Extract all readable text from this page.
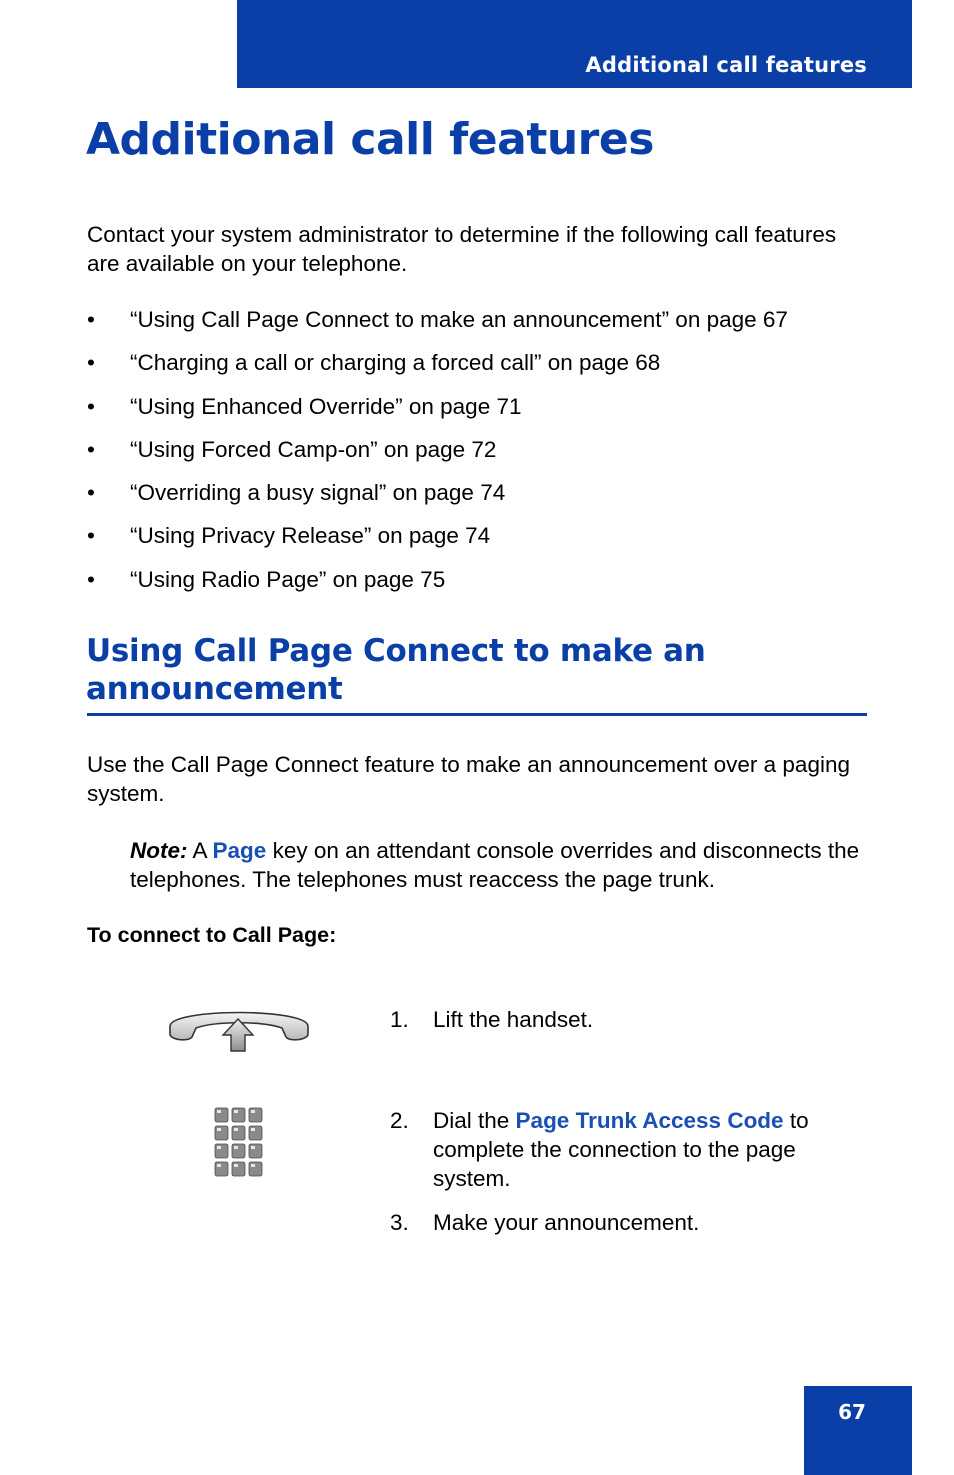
Additional call features
Additional call features

Contact your system administrator to determine if the following call features are available on your telephone.

•	“Using Call Page Connect to make an announcement” on page 67
•	“Charging a call or charging a forced call” on page 68
•	“Using Enhanced Override” on page 71
•	“Using Forced Camp-on” on page 72
•	“Overriding a busy signal” on page 74
•	“Using Privacy Release” on page 74
•	“Using Radio Page” on page 75
Using Call Page Connect to make an announcement

Use the Call Page Connect feature to make an announcement over a paging system.

Note: A Page key on an attendant console overrides and disconnects the telephones. The telephones must reaccess the page trunk.

To connect to Call Page:

1.	Lift the handset.
2.	Dial the Page Trunk Access Code to complete the connection to the page system.
3.	Make your announcement.
67
